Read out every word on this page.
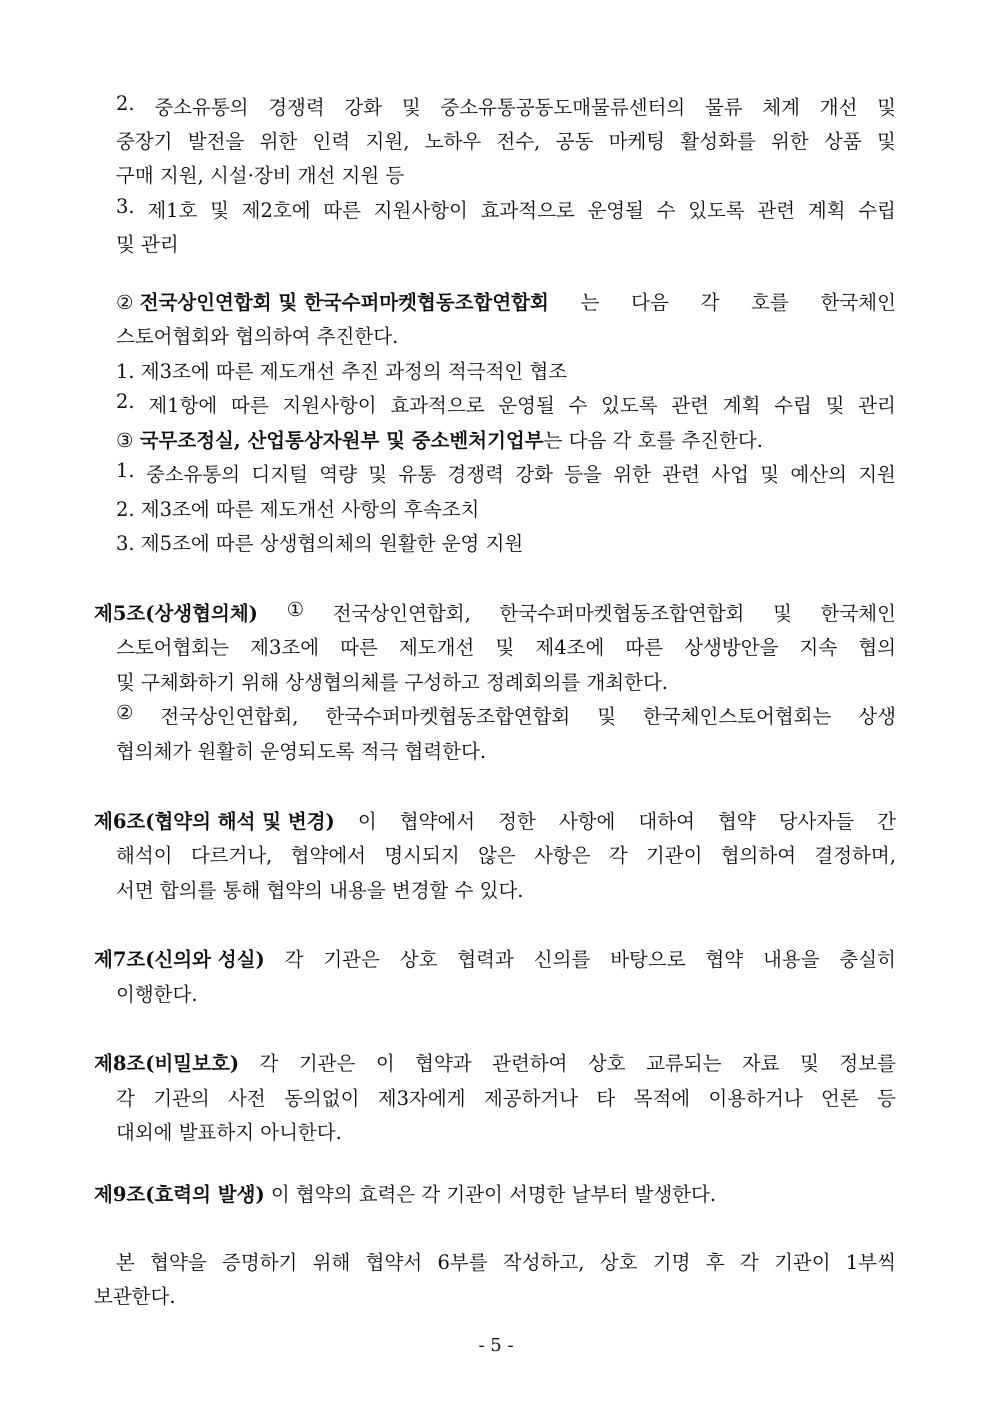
2. 중소유통의 경쟁력 강화 및 중소유통공동도매물류센터의 물류 체계 개선 및
중장기 발전을 위한 인력 지원, 노하우 전수, 공동 마케팅 활성화를 위한 상품 및
구매 지원, 시설·장비 개선 지원 등
3. 제1호 및 제2호에 따른 지원사항이 효과적으로 운영될 수 있도록 관련 계획 수립
및 관리
② 전국상인연합회 및 한국수퍼마켓협동조합연합회 는 다음 각 호를 한국체인
스토어협회와 협의하여 추진한다.
1. 제3조에 따른 제도개선 추진 과정의 적극적인 협조
2. 제1항에 따른 지원사항이 효과적으로 운영될 수 있도록 관련 계획 수립 및 관리
③ 국무조정실, 산업통상자원부 및 중소벤처기업부는 다음 각 호를 추진한다.
1. 중소유통의 디지털 역량 및 유통 경쟁력 강화 등을 위한 관련 사업 및 예산의 지원
2. 제3조에 따른 제도개선 사항의 후속조치
3. 제5조에 따른 상생협의체의 원활한 운영 지원
제5조(상생협의체) ① 전국상인연합회, 한국수퍼마켓협동조합연합회 및 한국체인
스토어협회는 제3조에 따른 제도개선 및 제4조에 따른 상생방안을 지속 협의
및 구체화하기 위해 상생협의체를 구성하고 정례회의를 개최한다.
② 전국상인연합회, 한국수퍼마켓협동조합연합회 및 한국체인스토어협회는 상생
협의체가 원활히 운영되도록 적극 협력한다.
제6조(협약의 해석 및 변경) 이 협약에서 정한 사항에 대하여 협약 당사자들 간
해석이 다르거나, 협약에서 명시되지 않은 사항은 각 기관이 협의하여 결정하며,
서면 합의를 통해 협약의 내용을 변경할 수 있다.
제7조(신의와 성실) 각 기관은 상호 협력과 신의를 바탕으로 협약 내용을 충실히
이행한다.
제8조(비밀보호) 각 기관은 이 협약과 관련하여 상호 교류되는 자료 및 정보를
각 기관의 사전 동의없이 제3자에게 제공하거나 타 목적에 이용하거나 언론 등
대외에 발표하지 아니한다.
제9조(효력의 발생) 이 협약의 효력은 각 기관이 서명한 날부터 발생한다.
본 협약을 증명하기 위해 협약서 6부를 작성하고, 상호 기명 후 각 기관이 1부씩
보관한다.
- 5 -
